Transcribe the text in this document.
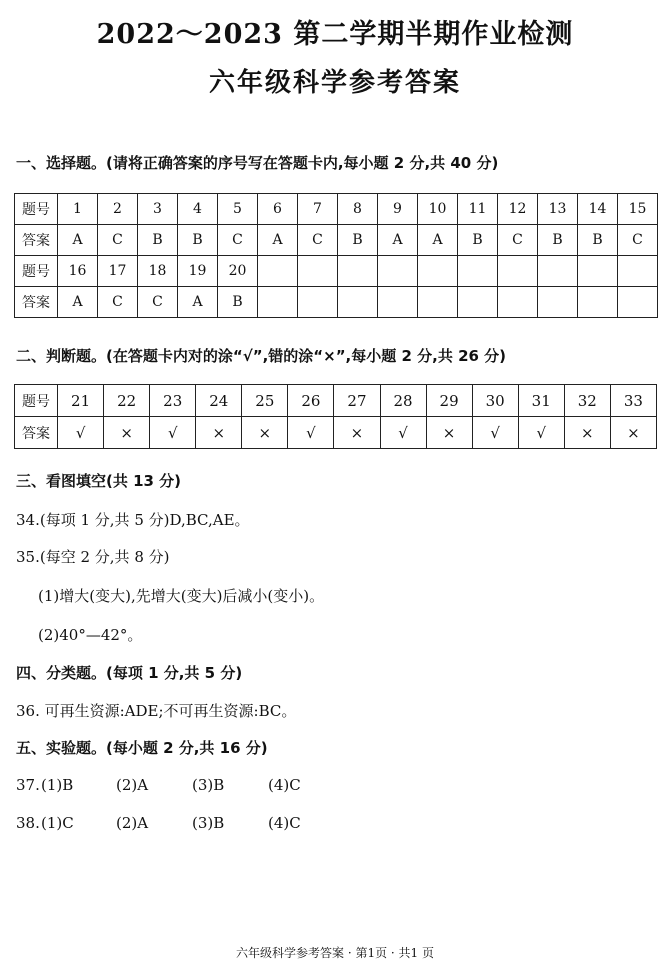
2022～2023 第二学期半期作业检测
六年级科学参考答案
一、选择题。(请将正确答案的序号写在答题卡内,每小题 2 分,共 40 分)
题号	1	2	3	4	5	6	7	8	9	10	11	12	13	14	15
答案	A	C	B	B	C	A	C	B	A	A	B	C	B	B	C
题号	16	17	18	19	20										
答案	A	C	C	A	B										
二、判断题。(在答题卡内对的涂“√”,错的涂“×”,每小题 2 分,共 26 分)
题号	21	22	23	24	25	26	27	28	29	30	31	32	33
答案	√	×	√	×	×	√	×	√	×	√	√	×	×
三、看图填空(共 13 分)
34.(每项 1 分,共 5 分)D,BC,AE。
35.(每空 2 分,共 8 分)
(1)增大(变大),先增大(变大)后减小(变小)。
(2)40°—42°。
四、分类题。(每项 1 分,共 5 分)
36. 可再生资源:ADE;不可再生资源:BC。
五、实验题。(每小题 2 分,共 16 分)
37. (1)B	(2)A	(3)B	(4)C
38. (1)C	(2)A	(3)B	(4)C
六年级科学参考答案 · 第1页 · 共1 页
